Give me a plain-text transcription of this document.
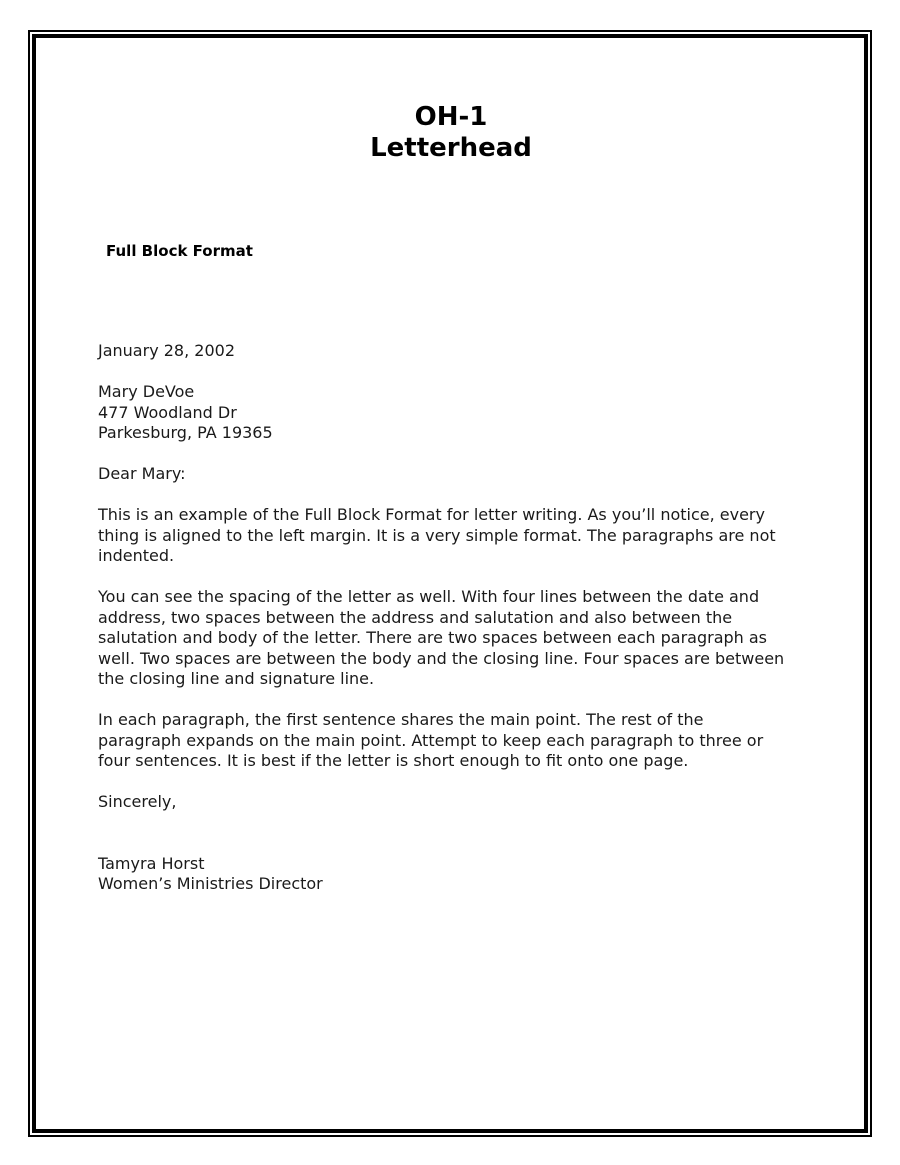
OH-1
Letterhead
Full Block Format
January 28, 2002
Mary DeVoe
477 Woodland Dr
Parkesburg, PA 19365
Dear Mary:

This is an example of the Full Block Format for letter writing. As you’ll notice, every thing is aligned to the left margin. It is a very simple format. The paragraphs are not indented.

You can see the spacing of the letter as well. With four lines between the date and address, two spaces between the address and salutation and also between the salutation and body of the letter. There are two spaces between each paragraph as well. Two spaces are between the body and the closing line. Four spaces are between the closing line and signature line.

In each paragraph, the first sentence shares the main point. The rest of the paragraph expands on the main point. Attempt to keep each paragraph to three or four sentences. It is best if the letter is short enough to fit onto one page.

Sincerely,
Tamyra Horst
Women’s Ministries Director
